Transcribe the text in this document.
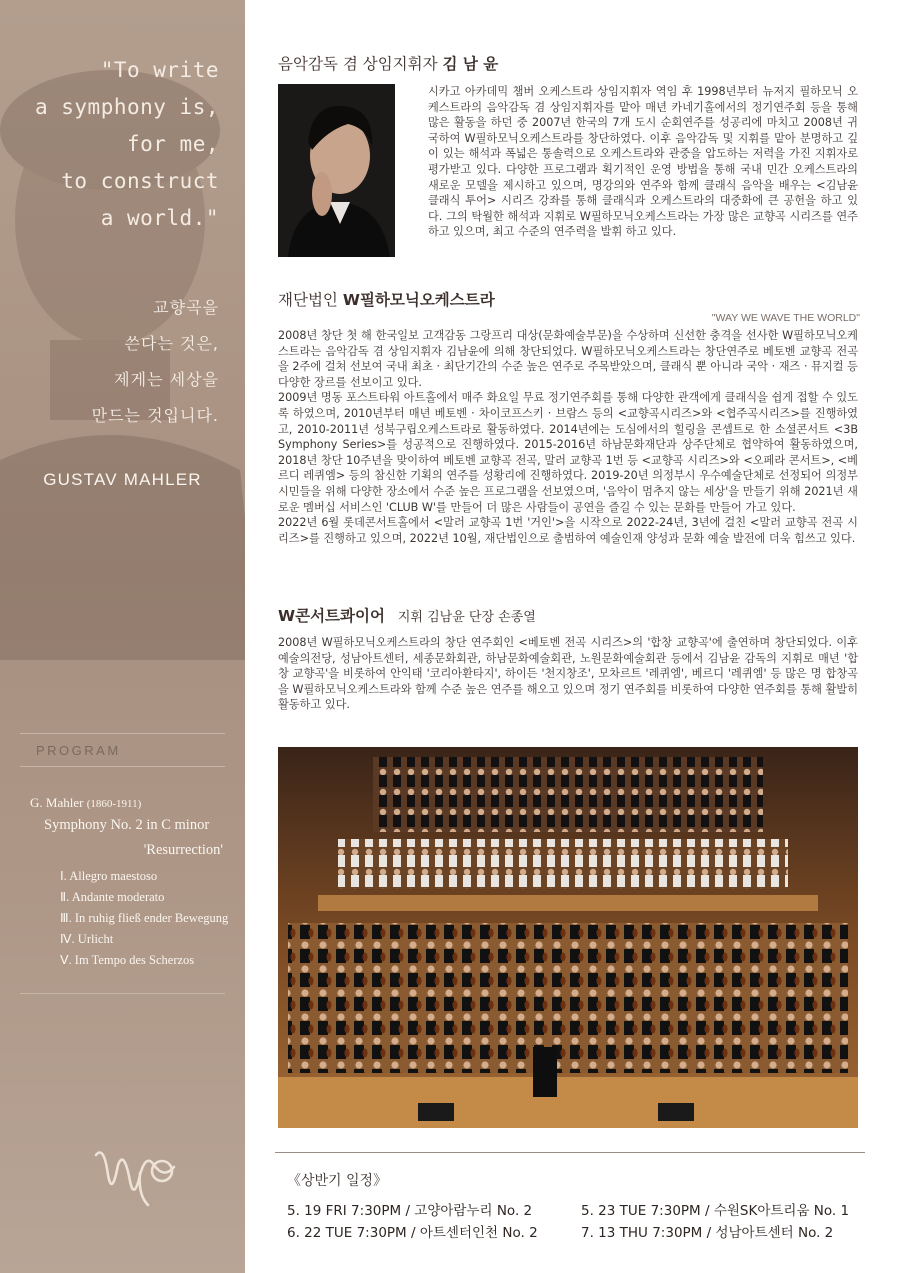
"To write
a symphony is,
for me,
to construct
a world."
교향곡을
쓴다는 것은,
제게는 세상을
만드는 것입니다.
GUSTAV MAHLER
PROGRAM
G. Mahler (1860-1911)
Symphony No. 2 in C minor
'Resurrection'
Ⅰ. Allegro maestoso
Ⅱ. Andante moderato
Ⅲ. In ruhig fließ ender Bewegung
Ⅳ. Urlicht
Ⅴ. Im Tempo des Scherzos
음악감독 겸 상임지휘자 김 남 윤
시카고 아카데믹 챔버 오케스트라 상임지휘자 역임 후 1998년부터 뉴저지 필하모닉 오케스트라의 음악감독 겸 상임지휘자를 맡아 매년 카네기홀에서의 정기연주회 등을 통해 많은 활동을 하던 중 2007년 한국의 7개 도시 순회연주를 성공리에 마치고 2008년 귀국하여 W필하모닉오케스트라를 창단하였다. 이후 음악감독 및 지휘를 맡아 분명하고 깊이 있는 해석과 폭넓은 통솔력으로 오케스트라와 관중을 압도하는 저력을 가진 지휘자로 평가받고 있다. 다양한 프로그램과 획기적인 운영 방법을 통해 국내 민간 오케스트라의 새로운 모델을 제시하고 있으며, 명강의와 연주와 함께 클래식 음악을 배우는 <김남윤 클래식 투어> 시리즈 강좌를 통해 클래식과 오케스트라의 대중화에 큰 공헌을 하고 있다. 그의 탁월한 해석과 지휘로 W필하모닉오케스트라는 가장 많은 교향곡 시리즈를 연주하고 있으며, 최고 수준의 연주력을 발휘 하고 있다.
재단법인 W필하모닉오케스트라
"WAY WE WAVE THE WORLD"
2008년 창단 첫 해 한국일보 고객감동 그랑프리 대상(문화예술부문)을 수상하며 신선한 충격을 선사한 W필하모닉오케스트라는 음악감독 겸 상임지휘자 김남윤에 의해 창단되었다. W필하모닉오케스트라는 창단연주로 베토벤 교향곡 전곡을 2주에 걸쳐 선보여 국내 최초 · 최단기간의 수준 높은 연주로 주목받았으며, 클래식 뿐 아니라 국악 · 재즈 · 뮤지컬 등 다양한 장르를 선보이고 있다.
2009년 명동 포스트타워 아트홀에서 매주 화요일 무료 정기연주회를 통해 다양한 관객에게 클래식을 쉽게 접할 수 있도록 하였으며, 2010년부터 매년 베토벤 · 차이코프스키 · 브람스 등의 <교향곡시리즈>와 <협주곡시리즈>를 진행하였고, 2010-2011년 성북구립오케스트라로 활동하였다. 2014년에는 도심에서의 힐링을 콘셉트로 한 소셜콘서트 <3B Symphony Series>를 성공적으로 진행하였다. 2015-2016년 하남문화재단과 상주단체로 협약하여 활동하였으며, 2018년 창단 10주년을 맞이하여 베토벤 교향곡 전곡, 말러 교향곡 1번 등 <교향곡 시리즈>와 <오페라 콘서트>, <베르디 레퀴엠> 등의 참신한 기획의 연주를 성황리에 진행하였다. 2019-20년 의정부시 우수예술단체로 선정되어 의정부 시민들을 위해 다양한 장소에서 수준 높은 프로그램을 선보였으며, '음악이 멈추지 않는 세상'을 만들기 위해 2021년 새로운 멤버십 서비스인 'CLUB W'를 만들어 더 많은 사람들이 공연을 즐길 수 있는 문화를 만들어 가고 있다.
2022년 6월 롯데콘서트홀에서 <말러 교향곡 1번 '거인'>을 시작으로 2022-24년, 3년에 걸친 <말러 교향곡 전곡 시리즈>를 진행하고 있으며, 2022년 10월, 재단법인으로 출범하여 예술인재 양성과 문화 예술 발전에 더욱 힘쓰고 있다.
W콘서트콰이어 지휘 김남윤 단장 손종열
2008년 W필하모닉오케스트라의 창단 연주회인 <베토벤 전곡 시리즈>의 '합창 교향곡'에 출연하며 창단되었다. 이후 예술의전당, 성남아트센터, 세종문화회관, 하남문화예술회관, 노원문화예술회관 등에서 김남윤 감독의 지휘로 매년 '합창 교향곡'을 비롯하여 안익태 '코리아환타지', 하이든 '천지창조', 모차르트 '레퀴엠', 베르디 '레퀴엠' 등 많은 명 합창곡을 W필하모닉오케스트라와 함께 수준 높은 연주를 해오고 있으며 정기 연주회를 비롯하여 다양한 연주회를 통해 활발히 활동하고 있다.
《상반기 일정》
5. 19 FRI 7:30PM / 고양아람누리 No. 2	5. 23 TUE 7:30PM / 수원SK아트리움 No. 1
6. 22 TUE 7:30PM / 아트센터인천 No. 2	7. 13 THU 7:30PM / 성남아트센터 No. 2
